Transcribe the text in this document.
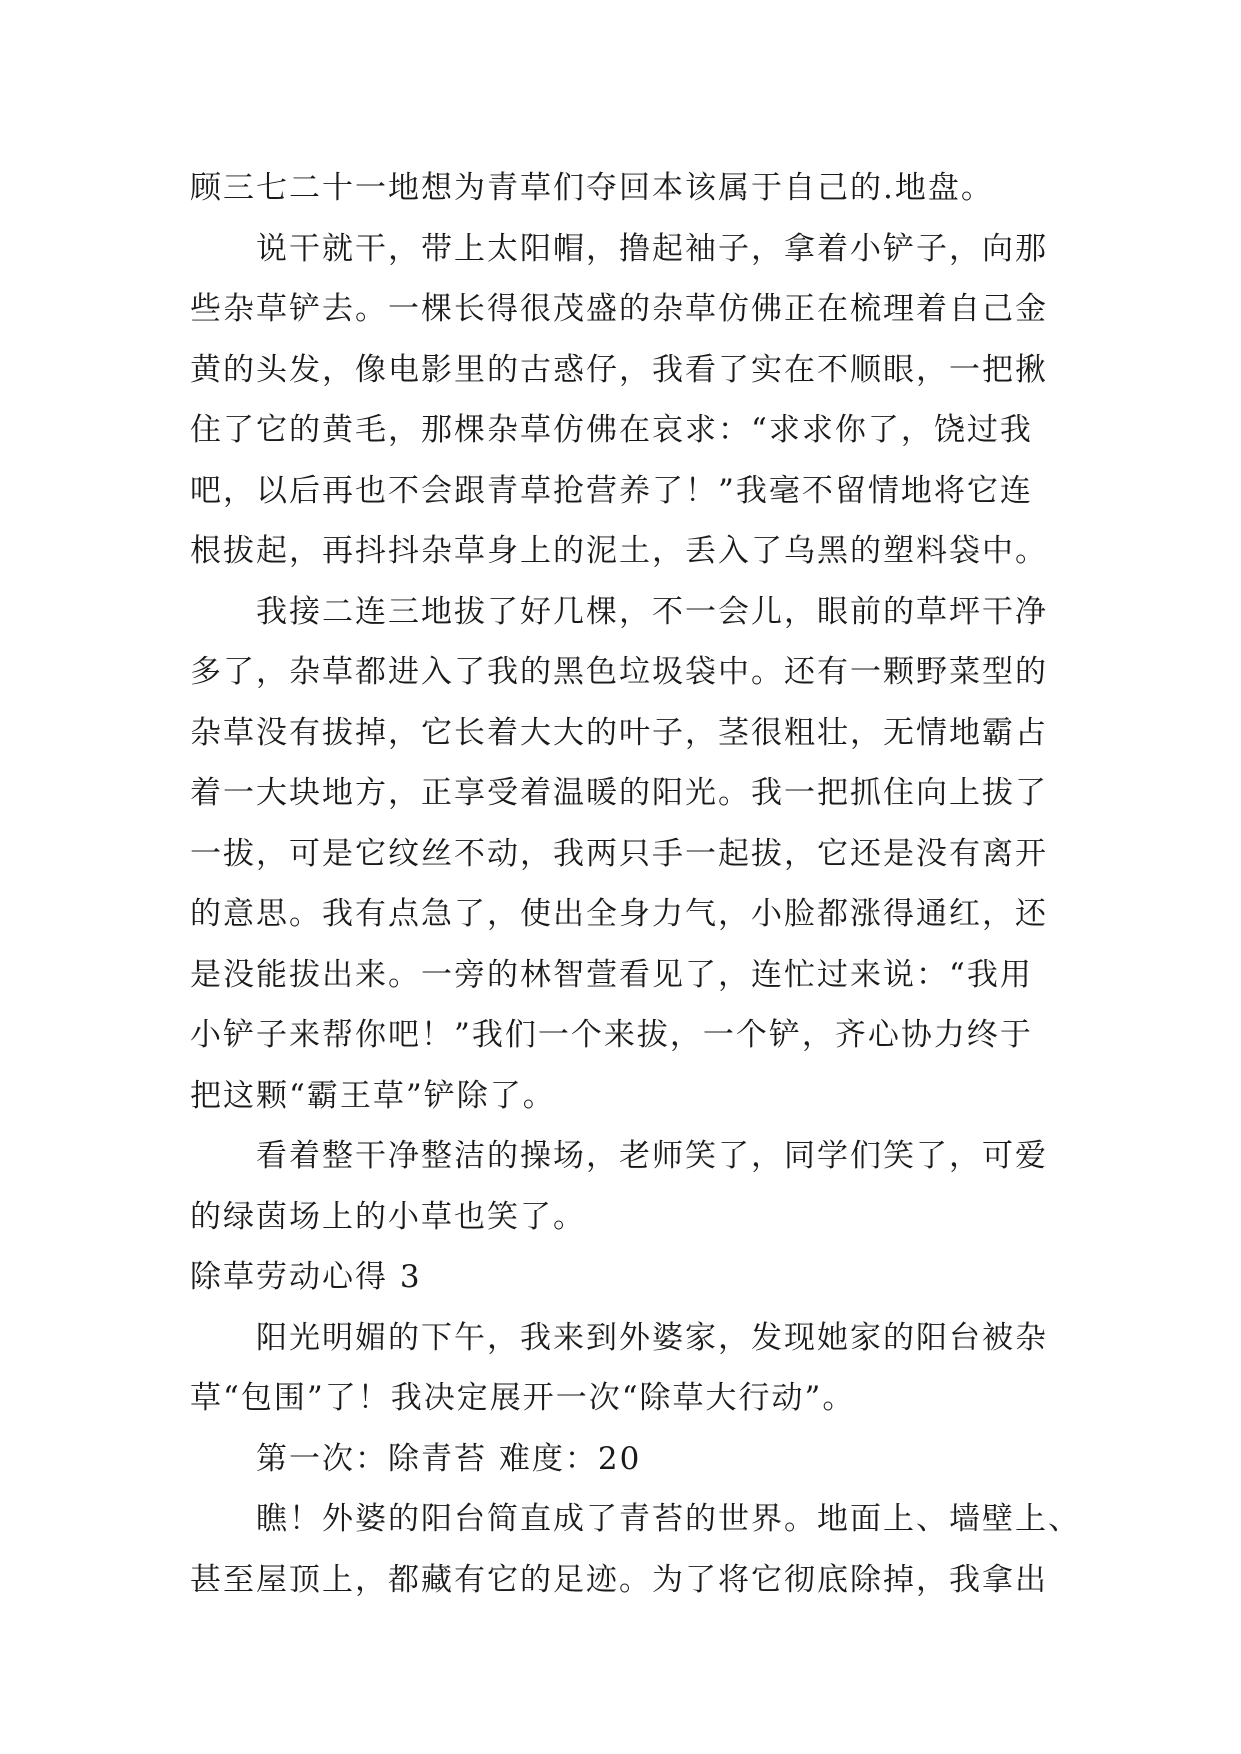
顾三七二十一地想为青草们夺回本该属于自己的.地盘。
说干就干，带上太阳帽，撸起袖子，拿着小铲子，向那
些杂草铲去。一棵长得很茂盛的杂草仿佛正在梳理着自己金
黄的头发，像电影里的古惑仔，我看了实在不顺眼，一把揪
住了它的黄毛，那棵杂草仿佛在哀求：“求求你了，饶过我
吧，以后再也不会跟青草抢营养了！”我毫不留情地将它连
根拔起，再抖抖杂草身上的泥土，丢入了乌黑的塑料袋中。
我接二连三地拔了好几棵，不一会儿，眼前的草坪干净
多了，杂草都进入了我的黑色垃圾袋中。还有一颗野菜型的
杂草没有拔掉，它长着大大的叶子，茎很粗壮，无情地霸占
着一大块地方，正享受着温暖的阳光。我一把抓住向上拔了
一拔，可是它纹丝不动，我两只手一起拔，它还是没有离开
的意思。我有点急了，使出全身力气，小脸都涨得通红，还
是没能拔出来。一旁的林智萱看见了，连忙过来说：“我用
小铲子来帮你吧！”我们一个来拔，一个铲，齐心协力终于
把这颗“霸王草”铲除了。
看着整干净整洁的操场，老师笑了，同学们笑了，可爱
的绿茵场上的小草也笑了。
除草劳动心得 3
阳光明媚的下午，我来到外婆家，发现她家的阳台被杂
草“包围”了！我决定展开一次“除草大行动”。
第一次：除青苔 难度：20
瞧！外婆的阳台简直成了青苔的世界。地面上、墙壁上、
甚至屋顶上，都藏有它的足迹。为了将它彻底除掉，我拿出
